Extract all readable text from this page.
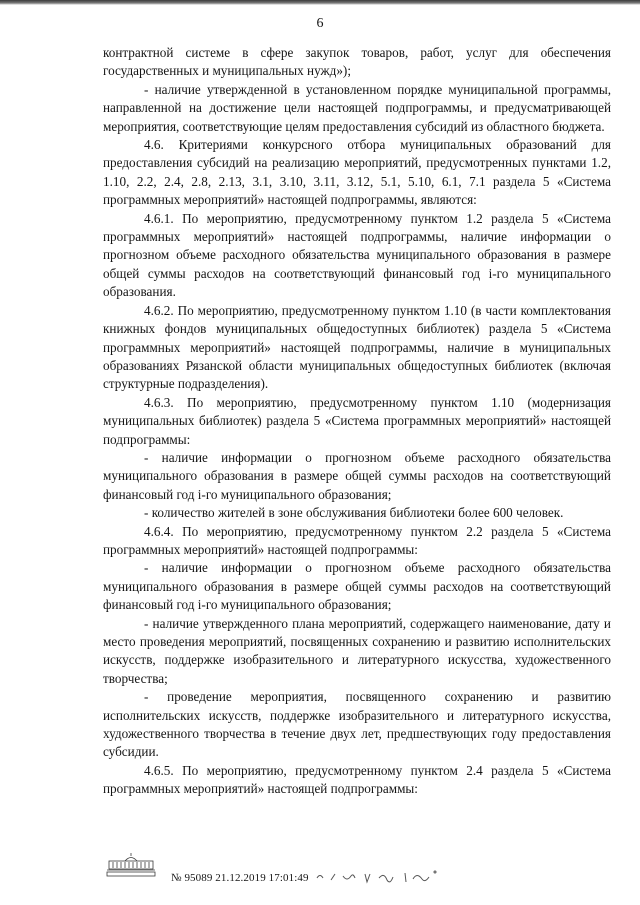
6

контрактной системе в сфере закупок товаров, работ, услуг для обеспечения государственных и муниципальных нужд»);

- наличие утвержденной в установленном порядке муниципальной программы, направленной на достижение цели настоящей подпрограммы, и предусматривающей мероприятия, соответствующие целям предоставления субсидий из областного бюджета.

4.6. Критериями конкурсного отбора муниципальных образований для предоставления субсидий на реализацию мероприятий, предусмотренных пунктами 1.2, 1.10, 2.2, 2.4, 2.8, 2.13, 3.1, 3.10, 3.11, 3.12, 5.1, 5.10, 6.1, 7.1 раздела 5 «Система программных мероприятий» настоящей подпрограммы, являются:

4.6.1. По мероприятию, предусмотренному пунктом 1.2 раздела 5 «Система программных мероприятий» настоящей подпрограммы, наличие информации о прогнозном объеме расходного обязательства муниципального образования в размере общей суммы расходов на соответствующий финансовый год i-го муниципального образования.

4.6.2. По мероприятию, предусмотренному пунктом 1.10 (в части комплектования книжных фондов муниципальных общедоступных библиотек) раздела 5 «Система программных мероприятий» настоящей подпрограммы, наличие в муниципальных образованиях Рязанской области муниципальных общедоступных библиотек (включая структурные подразделения).

4.6.3. По мероприятию, предусмотренному пунктом 1.10 (модернизация муниципальных библиотек) раздела 5 «Система программных мероприятий» настоящей подпрограммы:

- наличие информации о прогнозном объеме расходного обязательства муниципального образования в размере общей суммы расходов на соответствующий финансовый год i-го муниципального образования;

- количество жителей в зоне обслуживания библиотеки более 600 человек.

4.6.4. По мероприятию, предусмотренному пунктом 2.2 раздела 5 «Система программных мероприятий» настоящей подпрограммы:

- наличие информации о прогнозном объеме расходного обязательства муниципального образования в размере общей суммы расходов на соответствующий финансовый год i-го муниципального образования;

- наличие утвержденного плана мероприятий, содержащего наименование, дату и место проведения мероприятий, посвященных сохранению и развитию исполнительских искусств, поддержке изобразительного и литературного искусства, художественного творчества;

- проведение мероприятия, посвященного сохранению и развитию исполнительских искусств, поддержке изобразительного и литературного искусства, художественного творчества в течение двух лет, предшествующих году предоставления субсидии.

4.6.5. По мероприятию, предусмотренному пунктом 2.4 раздела 5 «Система программных мероприятий» настоящей подпрограммы:

№ 95089 21.12.2019 17:01:49
